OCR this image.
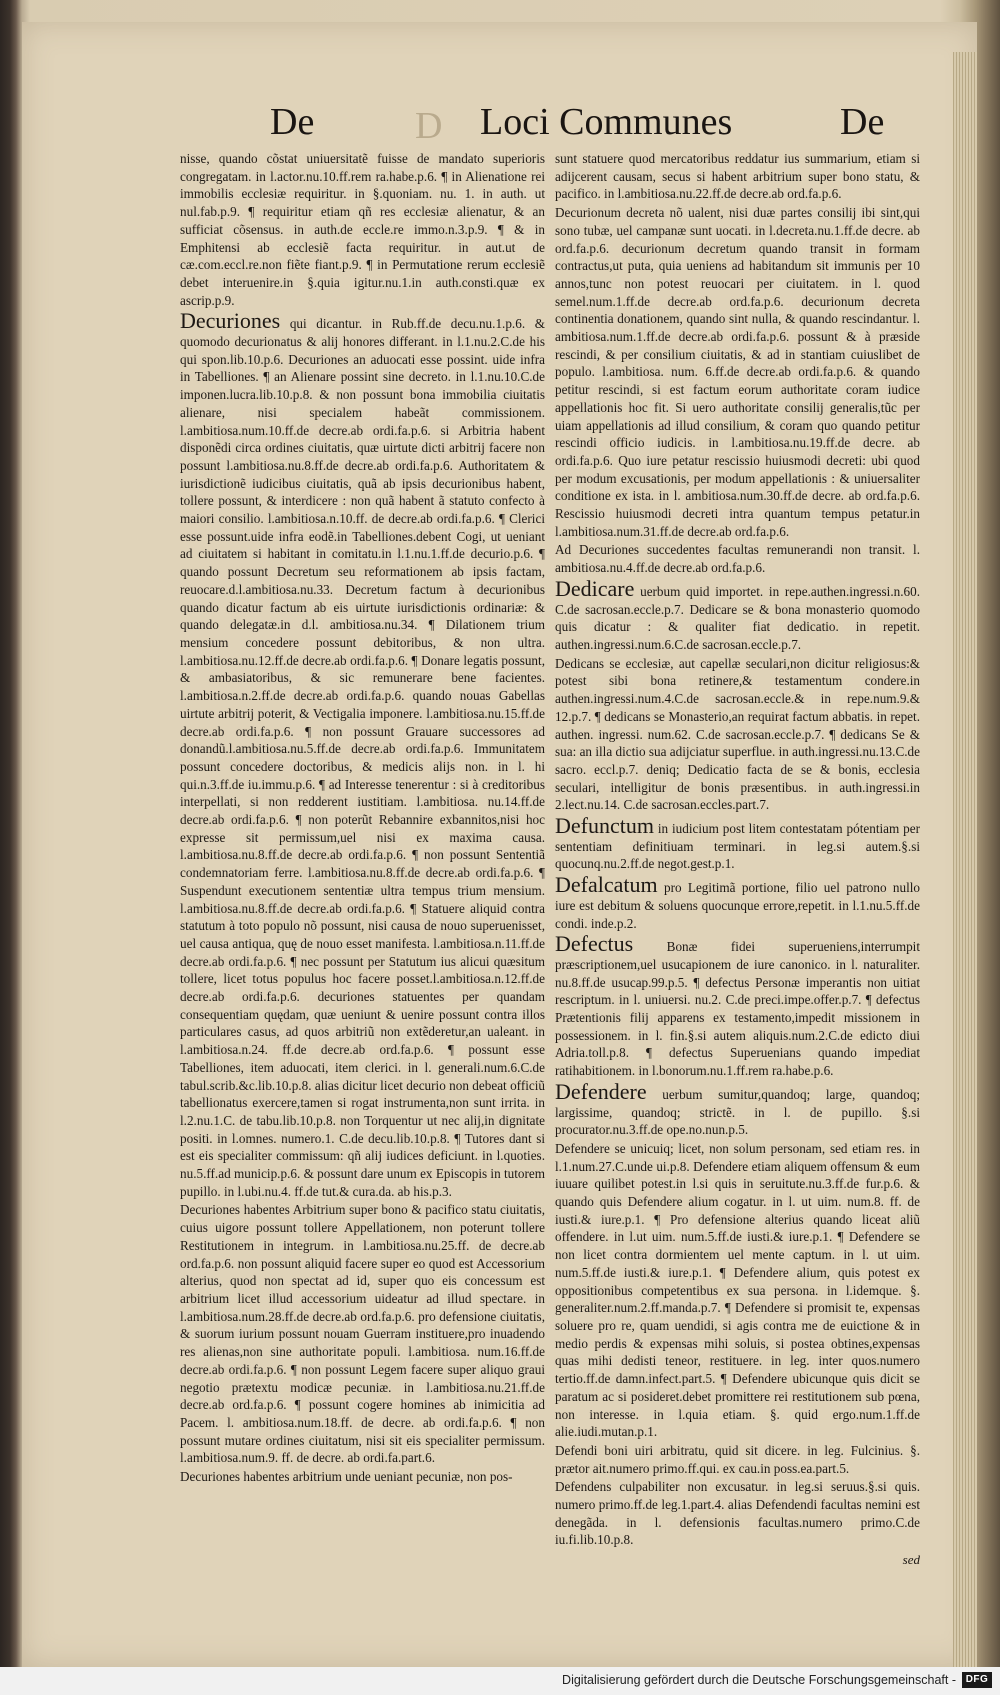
De	D Loci Communes	De

nisse, quando cõstat uniuersitatẽ fuisse de mandato superioris congregatam. in l.actor.nu.10.ff.rem ra.habe.p.6. ¶ in Alienatione rei immobilis ecclesiæ requiritur. in §.quoniam. nu. 1. in auth. ut nul.fab.p.9. ¶ requiritur etiam qñ res ecclesiæ alienatur, & an sufficiat cõsensus. in auth.de eccle.re immo.n.3.p.9. ¶ & in Emphitensi ab ecclesiẽ facta requiritur. in aut.ut de cæ.com.eccl.re.non fiẽte fiant.p.9. ¶ in Permutatione rerum ecclesiẽ debet interuenire.in §.quia igitur.nu.1.in auth.consti.quæ ex ascrip.p.9.

Decuriones qui dicantur. in Rub.ff.de decu.nu.1.p.6. & quomodo decurionatus & alij honores differant. in l.1.nu.2.C.de his qui spon.lib.10.p.6. Decuriones an aduocati esse possint. uide infra in Tabelliones. ¶ an Alienare possint sine decreto. in l.1.nu.10.C.de imponen.lucra.lib.10.p.8. & non possunt bona immobilia ciuitatis alienare, nisi specialem habeãt commissionem. l.ambitiosa.num.10.ff.de decre.ab ordi.fa.p.6. si Arbitria habent disponẽdi circa ordines ciuitatis, quæ uirtute dicti arbitrij facere non possunt l.ambitiosa.nu.8.ff.de decre.ab ordi.fa.p.6. Authoritatem & iurisdictionẽ iudicibus ciuitatis, quã ab ipsis decurionibus habent, tollere possunt, & interdicere : non quã habent ã statuto confecto à maiori consilio. l.ambitiosa.n.10.ff. de decre.ab ordi.fa.p.6. ¶ Clerici esse possunt.uide infra eodẽ.in Tabelliones.debent Cogi, ut ueniant ad ciuitatem si habitant in comitatu.in l.1.nu.1.ff.de decurio.p.6. ¶ quando possunt Decretum seu reformationem ab ipsis factam, reuocare.d.l.ambitiosa.nu.33. Decretum factum à decurionibus quando dicatur factum ab eis uirtute iurisdictionis ordinariæ: & quando delegatæ.in d.l. ambitiosa.nu.34. ¶ Dilationem trium mensium concedere possunt debitoribus, & non ultra. l.ambitiosa.nu.12.ff.de decre.ab ordi.fa.p.6. ¶ Donare legatis possunt, & ambasiatoribus, & sic remunerare bene facientes. l.ambitiosa.n.2.ff.de decre.ab ordi.fa.p.6. quando nouas Gabellas uirtute arbitrij poterit, & Vectigalia imponere. l.ambitiosa.nu.15.ff.de decre.ab ordi.fa.p.6. ¶ non possunt Grauare successores ad donandũ.l.ambitiosa.nu.5.ff.de decre.ab ordi.fa.p.6. Immunitatem possunt concedere doctoribus, & medicis alijs non. in l. hi qui.n.3.ff.de iu.immu.p.6. ¶ ad Interesse tenerentur : si à creditoribus interpellati, si non redderent iustitiam. l.ambitiosa. nu.14.ff.de decre.ab ordi.fa.p.6. ¶ non poterũt Rebannire exbannitos,nisi hoc expresse sit permissum,uel nisi ex maxima causa. l.ambitiosa.nu.8.ff.de decre.ab ordi.fa.p.6. ¶ non possunt Sententiã condemnatoriam ferre. l.ambitiosa.nu.8.ff.de decre.ab ordi.fa.p.6. ¶ Suspendunt executionem sententiæ ultra tempus trium mensium. l.ambitiosa.nu.8.ff.de decre.ab ordi.fa.p.6. ¶ Statuere aliquid contra statutum à toto populo nõ possunt, nisi causa de nouo superuenisset, uel causa antiqua, quę de nouo esset manifesta. l.ambitiosa.n.11.ff.de decre.ab ordi.fa.p.6. ¶ nec possunt per Statutum ius alicui quæsitum tollere, licet totus populus hoc facere posset.l.ambitiosa.n.12.ff.de decre.ab ordi.fa.p.6. decuriones statuentes per quandam consequentiam quędam, quæ ueniunt & uenire possunt contra illos particulares casus, ad quos arbitriũ non extẽderetur,an ualeant. in l.ambitiosa.n.24. ff.de decre.ab ord.fa.p.6. ¶ possunt esse Tabelliones, item aduocati, item clerici. in l. generali.num.6.C.de tabul.scrib.&c.lib.10.p.8. alias dicitur licet decurio non debeat officiũ tabellionatus exercere,tamen si rogat instrumenta,non sunt irrita. in l.2.nu.1.C. de tabu.lib.10.p.8. non Torquentur ut nec alij,in dignitate positi. in l.omnes. numero.1. C.de decu.lib.10.p.8. ¶ Tutores dant si est eis specialiter commissum: qñ alij iudices deficiunt. in l.quoties. nu.5.ff.ad municip.p.6. & possunt dare unum ex Episcopis in tutorem pupillo. in l.ubi.nu.4. ff.de tut.& cura.da. ab his.p.3.

Decuriones habentes Arbitrium super bono & pacifico statu ciuitatis, cuius uigore possunt tollere Appellationem, non poterunt tollere Restitutionem in integrum. in l.ambitiosa.nu.25.ff. de decre.ab ord.fa.p.6. non possunt aliquid facere super eo quod est Accessorium alterius, quod non spectat ad id, super quo eis concessum est arbitrium licet illud accessorium uideatur ad illud spectare. in l.ambitiosa.num.28.ff.de decre.ab ord.fa.p.6. pro defensione ciuitatis, & suorum iurium possunt nouam Guerram instituere,pro inuadendo res alienas,non sine authoritate populi. l.ambitiosa. num.16.ff.de decre.ab ordi.fa.p.6. ¶ non possunt Legem facere super aliquo graui negotio prætextu modicæ pecuniæ. in l.ambitiosa.nu.21.ff.de decre.ab ord.fa.p.6. ¶ possunt cogere homines ab inimicitia ad Pacem. l. ambitiosa.num.18.ff. de decre. ab ordi.fa.p.6. ¶ non possunt mutare ordines ciuitatum, nisi sit eis specialiter permissum. l.ambitiosa.num.9. ff. de decre. ab ordi.fa.part.6.

Decuriones habentes arbitrium unde ueniant pecuniæ, non pos-

sunt statuere quod mercatoribus reddatur ius summarium, etiam si adijcerent causam, secus si habent arbitrium super bono statu, & pacifico. in l.ambitiosa.nu.22.ff.de decre.ab ord.fa.p.6.

Decurionum decreta nõ ualent, nisi duæ partes consilij ibi sint,qui sono tubæ, uel campanæ sunt uocati. in l.decreta.nu.1.ff.de decre. ab ord.fa.p.6. decurionum decretum quando transit in formam contractus,ut puta, quia ueniens ad habitandum sit immunis per 10 annos,tunc non potest reuocari per ciuitatem. in l. quod semel.num.1.ff.de decre.ab ord.fa.p.6. decurionum decreta continentia donationem, quando sint nulla, & quando rescindantur. l. ambitiosa.num.1.ff.de decre.ab ordi.fa.p.6. possunt & à præside rescindi, & per consilium ciuitatis, & ad in stantiam cuiuslibet de populo. l.ambitiosa. num. 6.ff.de decre.ab ordi.fa.p.6. & quando petitur rescindi, si est factum eorum authoritate coram iudice appellationis hoc fit. Si uero authoritate consilij generalis,tũc per uiam appellationis ad illud consilium, & coram quo quando petitur rescindi officio iudicis. in l.ambitiosa.nu.19.ff.de decre. ab ordi.fa.p.6. Quo iure petatur rescissio huiusmodi decreti: ubi quod per modum excusationis, per modum appellationis : & uniuersaliter conditione ex ista. in l. ambitiosa.num.30.ff.de decre. ab ord.fa.p.6. Rescissio huiusmodi decreti intra quantum tempus petatur.in l.ambitiosa.num.31.ff.de decre.ab ord.fa.p.6.

Ad Decuriones succedentes facultas remunerandi non transit. l. ambitiosa.nu.4.ff.de decre.ab ord.fa.p.6.

Dedicare uerbum quid importet. in repe.authen.ingressi.n.60. C.de sacrosan.eccle.p.7. Dedicare se & bona monasterio quomodo quis dicatur : & qualiter fiat dedicatio. in repetit. authen.ingressi.num.6.C.de sacrosan.eccle.p.7.

Dedicans se ecclesiæ, aut capellæ seculari,non dicitur religiosus:& potest sibi bona retinere,& testamentum condere.in authen.ingressi.num.4.C.de sacrosan.eccle.& in repe.num.9.& 12.p.7. ¶ dedicans se Monasterio,an requirat factum abbatis. in repet. authen. ingressi. num.62. C.de sacrosan.eccle.p.7. ¶ dedicans Se & sua: an illa dictio sua adijciatur superflue. in auth.ingressi.nu.13.C.de sacro. eccl.p.7. deniq; Dedicatio facta de se & bonis, ecclesia seculari, intelligitur de bonis præsentibus. in auth.ingressi.in 2.lect.nu.14. C.de sacrosan.eccles.part.7.

Defunctum in iudicium post litem contestatam pótentiam per sententiam definitiuam terminari. in leg.si autem.§.si quocunq.nu.2.ff.de negot.gest.p.1.

Defalcatum pro Legitimã portione, filio uel patrono nullo iure est debitum & soluens quocunque errore,repetit. in l.1.nu.5.ff.de condi. inde.p.2.

Defectus	Bonæ fidei superueniens,interrumpit præscriptionem,uel usucapionem de iure canonico. in l. naturaliter. nu.8.ff.de usucap.99.p.5. ¶ defectus Personæ imperantis non uitiat rescriptum. in l. uniuersi. nu.2. C.de preci.impe.offer.p.7. ¶ defectus Prætentionis filij apparens ex testamento,impedit missionem in possessionem. in l. fin.§.si autem aliquis.num.2.C.de edicto diui Adria.toll.p.8. ¶ defectus Superuenians quando impediat ratihabitionem. in l.bonorum.nu.1.ff.rem ra.habe.p.6.

Defendere uerbum sumitur,quandoq; large, quandoq; largissime, quandoq; strictẽ. in l. de pupillo. §.si procurator.nu.3.ff.de ope.no.nun.p.5.

Defendere se unicuiq; licet, non solum personam, sed etiam res. in l.1.num.27.C.unde ui.p.8. Defendere etiam aliquem offensum & eum iuuare quilibet potest.in l.si quis in seruitute.nu.3.ff.de fur.p.6. & quando quis Defendere alium cogatur. in l. ut uim. num.8. ff. de iusti.& iure.p.1. ¶ Pro defensione alterius quando liceat aliũ offendere. in l.ut uim. num.5.ff.de iusti.& iure.p.1. ¶ Defendere se non licet contra dormientem uel mente captum. in l. ut uim. num.5.ff.de iusti.& iure.p.1. ¶ Defendere alium, quis potest ex oppositionibus competentibus ex sua persona. in l.idemque. §. generaliter.num.2.ff.manda.p.7. ¶ Defendere si promisit te, expensas soluere pro re, quam uendidi, si agis contra me de euictione & in medio perdis & expensas mihi soluis, si postea obtines,expensas quas mihi dedisti teneor, restituere. in leg. inter quos.numero tertio.ff.de damn.infect.part.5. ¶ Defendere ubicunque quis dicit se paratum ac si posideret.debet promittere rei restitutionem sub pœna, non interesse. in l.quia etiam. §. quid ergo.num.1.ff.de alie.iudi.mutan.p.1.

Defendi boni uiri arbitratu, quid sit dicere. in leg. Fulcinius. §. prætor ait.numero primo.ff.qui. ex cau.in poss.ea.part.5.

Defendens culpabiliter non excusatur. in leg.si seruus.§.si quis. numero primo.ff.de leg.1.part.4. alias Defendendi facultas nemini est denegãda. in l. defensionis facultas.numero primo.C.de iu.fi.lib.10.p.8.

sed
Digitalisierung gefördert durch die Deutsche Forschungsgemeinschaft - DFG
